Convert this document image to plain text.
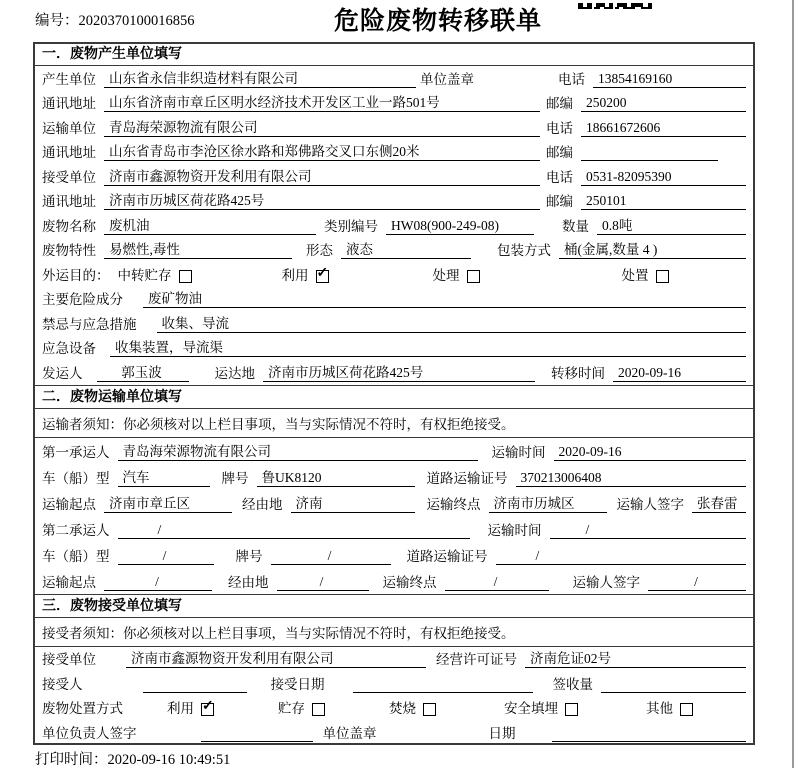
编号：2020370100016856	危险废物转移联单
一．废物产生单位填写
产生单位 山东省永信非织造材料有限公司	单位盖章	电话 13854169160
通讯地址 山东省济南市章丘区明水经济技术开发区工业一路501号	邮编 250200
运输单位 青岛海荣源物流有限公司	电话 18661672606
通讯地址 山东省青岛市李沧区徐水路和郑佛路交叉口东侧20米	邮编
接受单位 济南市鑫源物资开发利用有限公司	电话 0531-82095390
通讯地址 济南市历城区荷花路425号	邮编 250101
废物名称 废机油	类别编号 HW08(900-249-08)	数量 0.8吨
废物特性 易燃性,毒性	形态 液态	包装方式 桶(金属,数量 4 )
外运目的： 中转贮存	利用 ✓	处理	处置
主要危险成分	废矿物油
禁忌与应急措施	收集、导流
应急设备	收集装置，导流渠
发运人	郭玉波	运达地 济南市历城区荷花路425号	转移时间 2020-09-16
二．废物运输单位填写
运输者须知：你必须核对以上栏目事项，当与实际情况不符时，有权拒绝接受。
第一承运人 青岛海荣源物流有限公司	运输时间 2020-09-16
车（船）型 汽车	牌号 鲁UK8120	道路运输证号 370213006408
运输起点 济南市章丘区	经由地 济南	运输终点 济南市历城区	运输人签字 张春雷
第二承运人	/	运输时间	/
车（船）型	/	牌号	/	道路运输证号	/
运输起点	/	经由地	/	运输终点	/	运输人签字	/
三．废物接受单位填写
接受者须知：你必须核对以上栏目事项，当与实际情况不符时，有权拒绝接受。
接受单位	济南市鑫源物资开发利用有限公司	经营许可证号 济南危证02号
接受人	接受日期	签收量
废物处置方式	利用 ✓	贮存	焚烧	安全填埋	其他
单位负责人签字	单位盖章	日期
打印时间：2020-09-16 10:49:51
